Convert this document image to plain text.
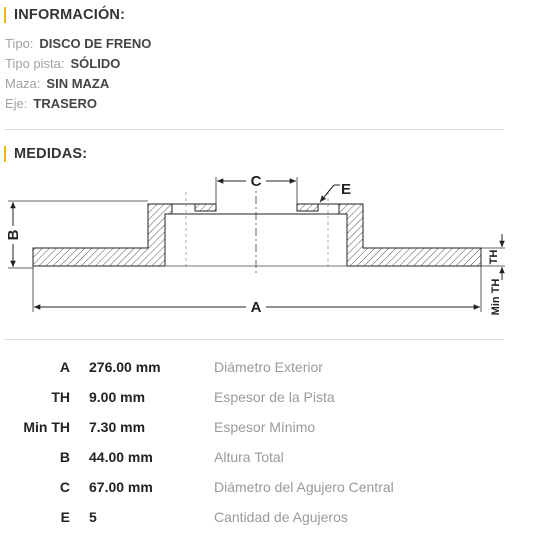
INFORMACIÓN:
Tipo: DISCO DE FRENO
Tipo pista: SÓLIDO
Maza: SIN MAZA
Eje: TRASERO
MEDIDAS:
C	E
B
TH
Min TH
A
A 276.00 mm	Diámetro Exterior
TH 9.00 mm	Espesor de la Pista
Min TH 7.30 mm	Espesor Mínimo
B 44.00 mm	Altura Total
C 67.00 mm	Diámetro del Agujero Central
E 5	Cantidad de Agujeros
